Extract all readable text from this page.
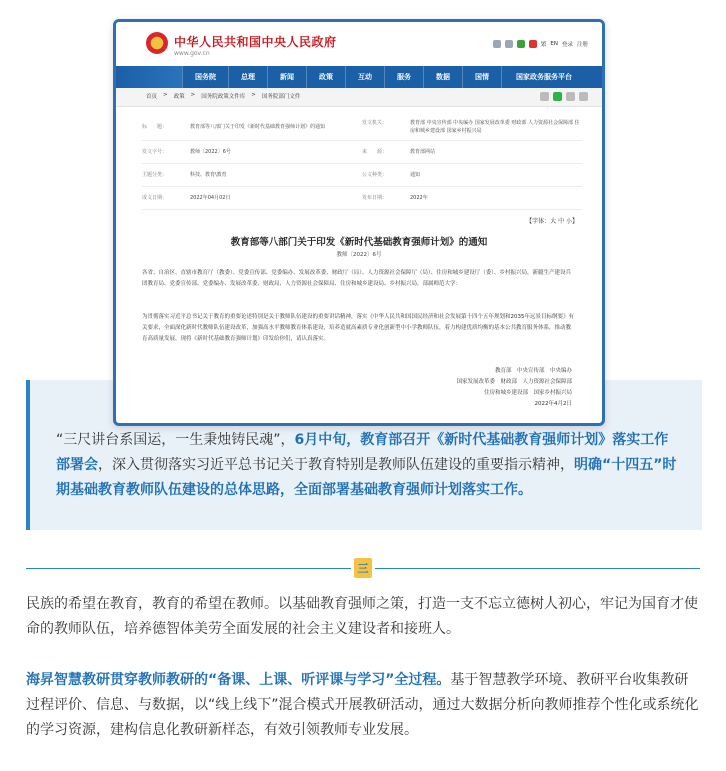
中华人民共和国中央人民政府
www.gov.cn
繁 EN 登录 注册
国务院	总理	新闻	政策	互动	服务	数据	国情	国家政务服务平台
首页 > 政策 > 国务院政策文件库 > 国务院部门文件
标　　题：	教育部等八部门关于印发《新时代基础教育强师计划》的通知
发文机关：	教育部 中央宣传部 中央编办 国家发展改革委 财政部 人力资源社会保障部 住房和城乡建设部 国家乡村振兴局
发文字号：	教师〔2022〕6号	来　　源：	教育部网站
主题分类：	科技、教育\教育	公文种类：	通知
成文日期：	2022年04月02日	发布日期：	2022年
【字体：大 中 小】
教育部等八部门关于印发《新时代基础教育强师计划》的通知
教师〔2022〕6号
各省、自治区、直辖市教育厅（教委）、党委宣传部、党委编办、发展改革委、财政厅（局）、人力资源社会保障厅（局）、住房和城乡建设厅（委）、乡村振兴局，新疆生产建设兵团教育局、党委宣传部、党委编办、发展改革委、财政局、人力资源社会保障局、住房和城乡建设局、乡村振兴局，部属师范大学：
为贯彻落实习近平总书记关于教育的重要论述特别是关于教师队伍建设的重要讲话精神，落实《中华人民共和国国民经济和社会发展第十四个五年规划和2035年远景目标纲要》有关要求，全面深化新时代教师队伍建设改革，加强高水平教师教育体系建设，培养造就高素质专业化创新型中小学教师队伍，着力构建优质均衡的基本公共教育服务体系，推动教育高质量发展，现将《新时代基础教育强师计划》印发给你们，请认真落实。
教育部　中央宣传部　中央编办
国家发展改革委　财政部　人力资源社会保障部
住房和城乡建设部　国家乡村振兴局
2022年4月2日
“三尺讲台系国运，一生秉烛铸民魂”，6月中旬，教育部召开《新时代基础教育强师计划》落实工作部署会，深入贯彻落实习近平总书记关于教育特别是教师队伍建设的重要指示精神，明确“十四五”时期基础教育教师队伍建设的总体思路，全面部署基础教育强师计划落实工作。
三
民族的希望在教育，教育的希望在教师。以基础教育强师之策，打造一支不忘立德树人初心，牢记为国育才使命的教师队伍，培养德智体美劳全面发展的社会主义建设者和接班人。
海昇智慧教研贯穿教师教研的“备课、上课、听评课与学习”全过程。基于智慧教学环境、教研平台收集教研过程评价、信息、与数据，以“线上线下”混合模式开展教研活动，通过大数据分析向教师推荐个性化或系统化的学习资源，建构信息化教研新样态，有效引领教师专业发展。
